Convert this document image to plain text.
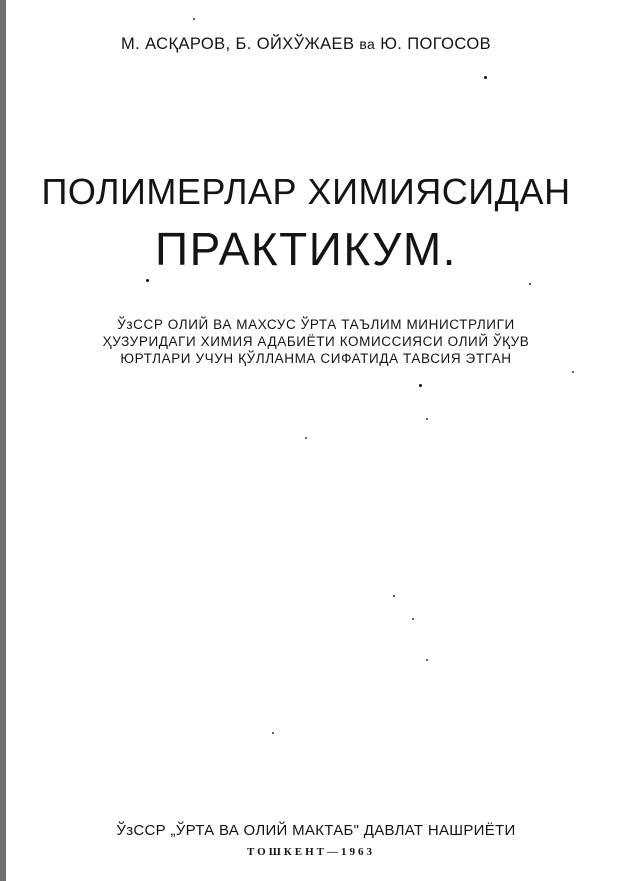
М. АСҚАРОВ, Б. ОЙХЎЖАЕВ ва Ю. ПОГОСОВ
ПОЛИМЕРЛАР ХИМИЯСИДАН
ПРАКТИКУМ.
ЎзССР ОЛИЙ ВА МАХСУС ЎРТА ТАЪЛИМ МИНИСТРЛИГИ
ҲУЗУРИДАГИ ХИМИЯ АДАБИЁТИ КОМИССИЯСИ ОЛИЙ ЎҚУВ
ЮРТЛАРИ УЧУН ҚЎЛЛАНМА СИФАТИДА ТАВСИЯ ЭТГАН
ЎзССР „ЎРТА ВА ОЛИЙ МАКТАБ" ДАВЛАТ НАШРИЁТИ
ТОШКЕНТ—1963
